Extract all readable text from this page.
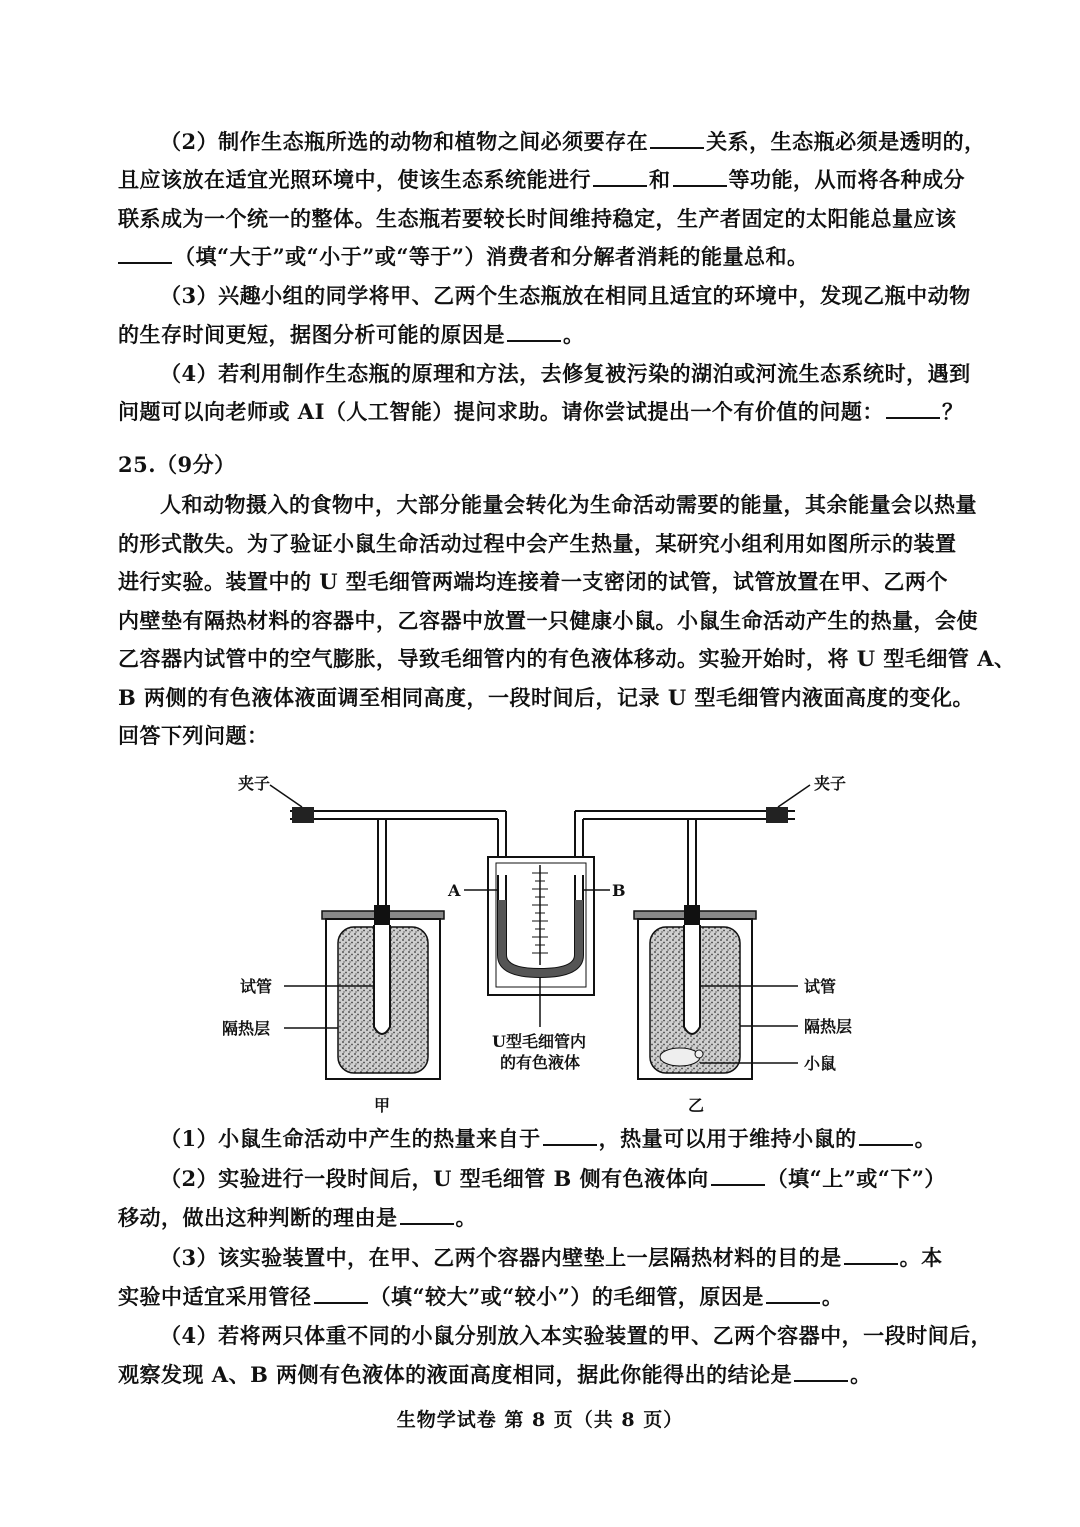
（2）制作生态瓶所选的动物和植物之间必须要存在	关系，生态瓶必须是透明的，
且应该放在适宜光照环境中，使该生态系统能进行	和	等功能，从而将各种成分
联系成为一个统一的整体。生态瓶若要较长时间维持稳定，生产者固定的太阳能总量应该
（填“大于”或“小于”或“等于”）消费者和分解者消耗的能量总和。
（3）兴趣小组的同学将甲、乙两个生态瓶放在相同且适宜的环境中，发现乙瓶中动物
的生存时间更短，据图分析可能的原因是	。
（4）若利用制作生态瓶的原理和方法，去修复被污染的湖泊或河流生态系统时，遇到
问题可以向老师或 AI（人工智能）提问求助。请你尝试提出一个有价值的问题：	？
25.（9分）
人和动物摄入的食物中，大部分能量会转化为生命活动需要的能量，其余能量会以热量
的形式散失。为了验证小鼠生命活动过程中会产生热量，某研究小组利用如图所示的装置
进行实验。装置中的 U 型毛细管两端均连接着一支密闭的试管，试管放置在甲、乙两个
内壁垫有隔热材料的容器中，乙容器中放置一只健康小鼠。小鼠生命活动产生的热量，会使
乙容器内试管中的空气膨胀，导致毛细管内的有色液体移动。实验开始时，将 U 型毛细管 A、
B 两侧的有色液体液面调至相同高度，一段时间后，记录 U 型毛细管内液面高度的变化。
回答下列问题：
夹子	夹子
A	B
试管
隔热层
试管
隔热层
小鼠
U型毛细管内
的有色液体
甲	乙
（1）小鼠生命活动中产生的热量来自于	，热量可以用于维持小鼠的	。
（2）实验进行一段时间后，U 型毛细管 B 侧有色液体向	（填“上”或“下”）
移动，做出这种判断的理由是	。
（3）该实验装置中，在甲、乙两个容器内壁垫上一层隔热材料的目的是	。本
实验中适宜采用管径	（填“较大”或“较小”）的毛细管，原因是	。
（4）若将两只体重不同的小鼠分别放入本实验装置的甲、乙两个容器中，一段时间后，
观察发现 A、B 两侧有色液体的液面高度相同，据此你能得出的结论是	。
生物学试卷 第 8 页（共 8 页）
